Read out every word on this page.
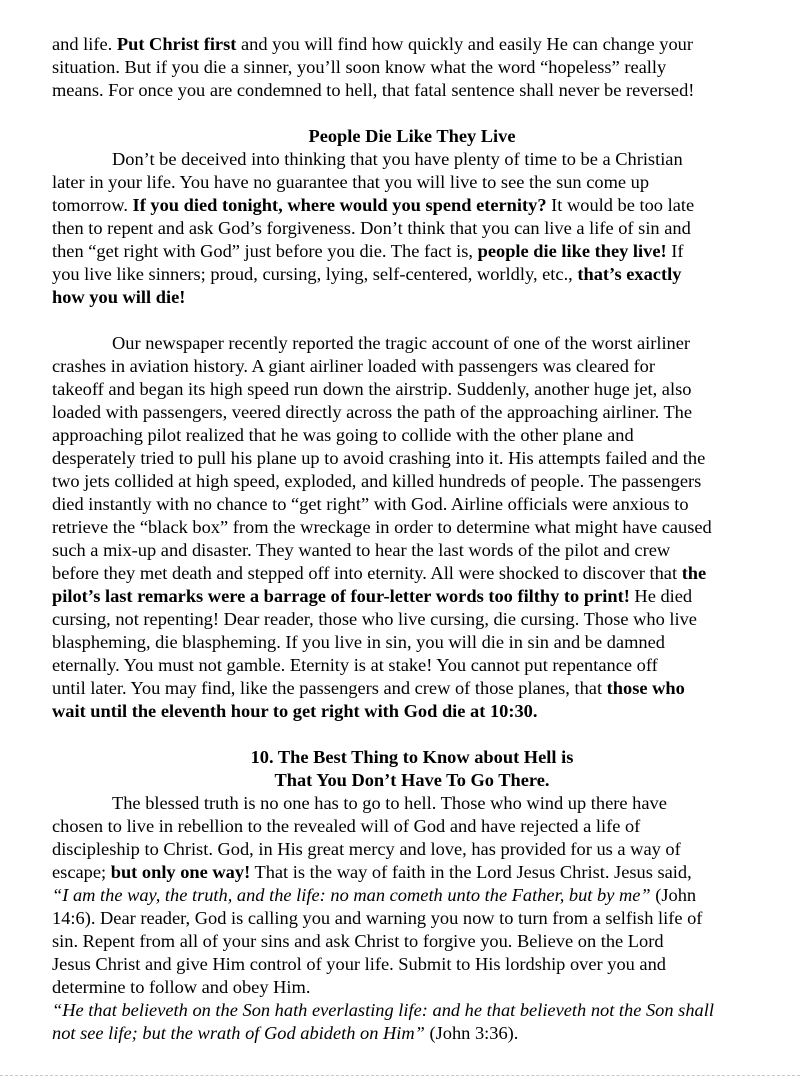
and life. Put Christ first and you will find how quickly and easily He can change your

situation. But if you die a sinner, you’ll soon know what the word “hopeless” really

means. For once you are condemned to hell, that fatal sentence shall never be reversed!

People Die Like They Live

Don’t be deceived into thinking that you have plenty of time to be a Christian

later in your life. You have no guarantee that you will live to see the sun come up

tomorrow. If you died tonight, where would you spend eternity? It would be too late

then to repent and ask God’s forgiveness. Don’t think that you can live a life of sin and

then “get right with God” just before you die. The fact is, people die like they live! If

you live like sinners; proud, cursing, lying, self-centered, worldly, etc., that’s exactly

how you will die!

Our newspaper recently reported the tragic account of one of the worst airliner

crashes in aviation history. A giant airliner loaded with passengers was cleared for

takeoff and began its high speed run down the airstrip. Suddenly, another huge jet, also

loaded with passengers, veered directly across the path of the approaching airliner. The

approaching pilot realized that he was going to collide with the other plane and

desperately tried to pull his plane up to avoid crashing into it. His attempts failed and the

two jets collided at high speed, exploded, and killed hundreds of people. The passengers

died instantly with no chance to “get right” with God. Airline officials were anxious to

retrieve the “black box” from the wreckage in order to determine what might have caused

such a mix-up and disaster. They wanted to hear the last words of the pilot and crew

before they met death and stepped off into eternity. All were shocked to discover that the

pilot’s last remarks were a barrage of four-letter words too filthy to print! He died

cursing, not repenting! Dear reader, those who live cursing, die cursing. Those who live

blaspheming, die blaspheming. If you live in sin, you will die in sin and be damned

eternally. You must not gamble. Eternity is at stake! You cannot put repentance off

until later. You may find, like the passengers and crew of those planes, that those who

wait until the eleventh hour to get right with God die at 10:30.

10. The Best Thing to Know about Hell is

That You Don’t Have To Go There.

The blessed truth is no one has to go to hell. Those who wind up there have

chosen to live in rebellion to the revealed will of God and have rejected a life of

discipleship to Christ. God, in His great mercy and love, has provided for us a way of

escape; but only one way! That is the way of faith in the Lord Jesus Christ. Jesus said,

“I am the way, the truth, and the life: no man cometh unto the Father, but by me” (John

14:6). Dear reader, God is calling you and warning you now to turn from a selfish life of

sin. Repent from all of your sins and ask Christ to forgive you. Believe on the Lord

Jesus Christ and give Him control of your life. Submit to His lordship over you and

determine to follow and obey Him.

“He that believeth on the Son hath everlasting life: and he that believeth not the Son shall

not see life; but the wrath of God abideth on Him” (John 3:36).
